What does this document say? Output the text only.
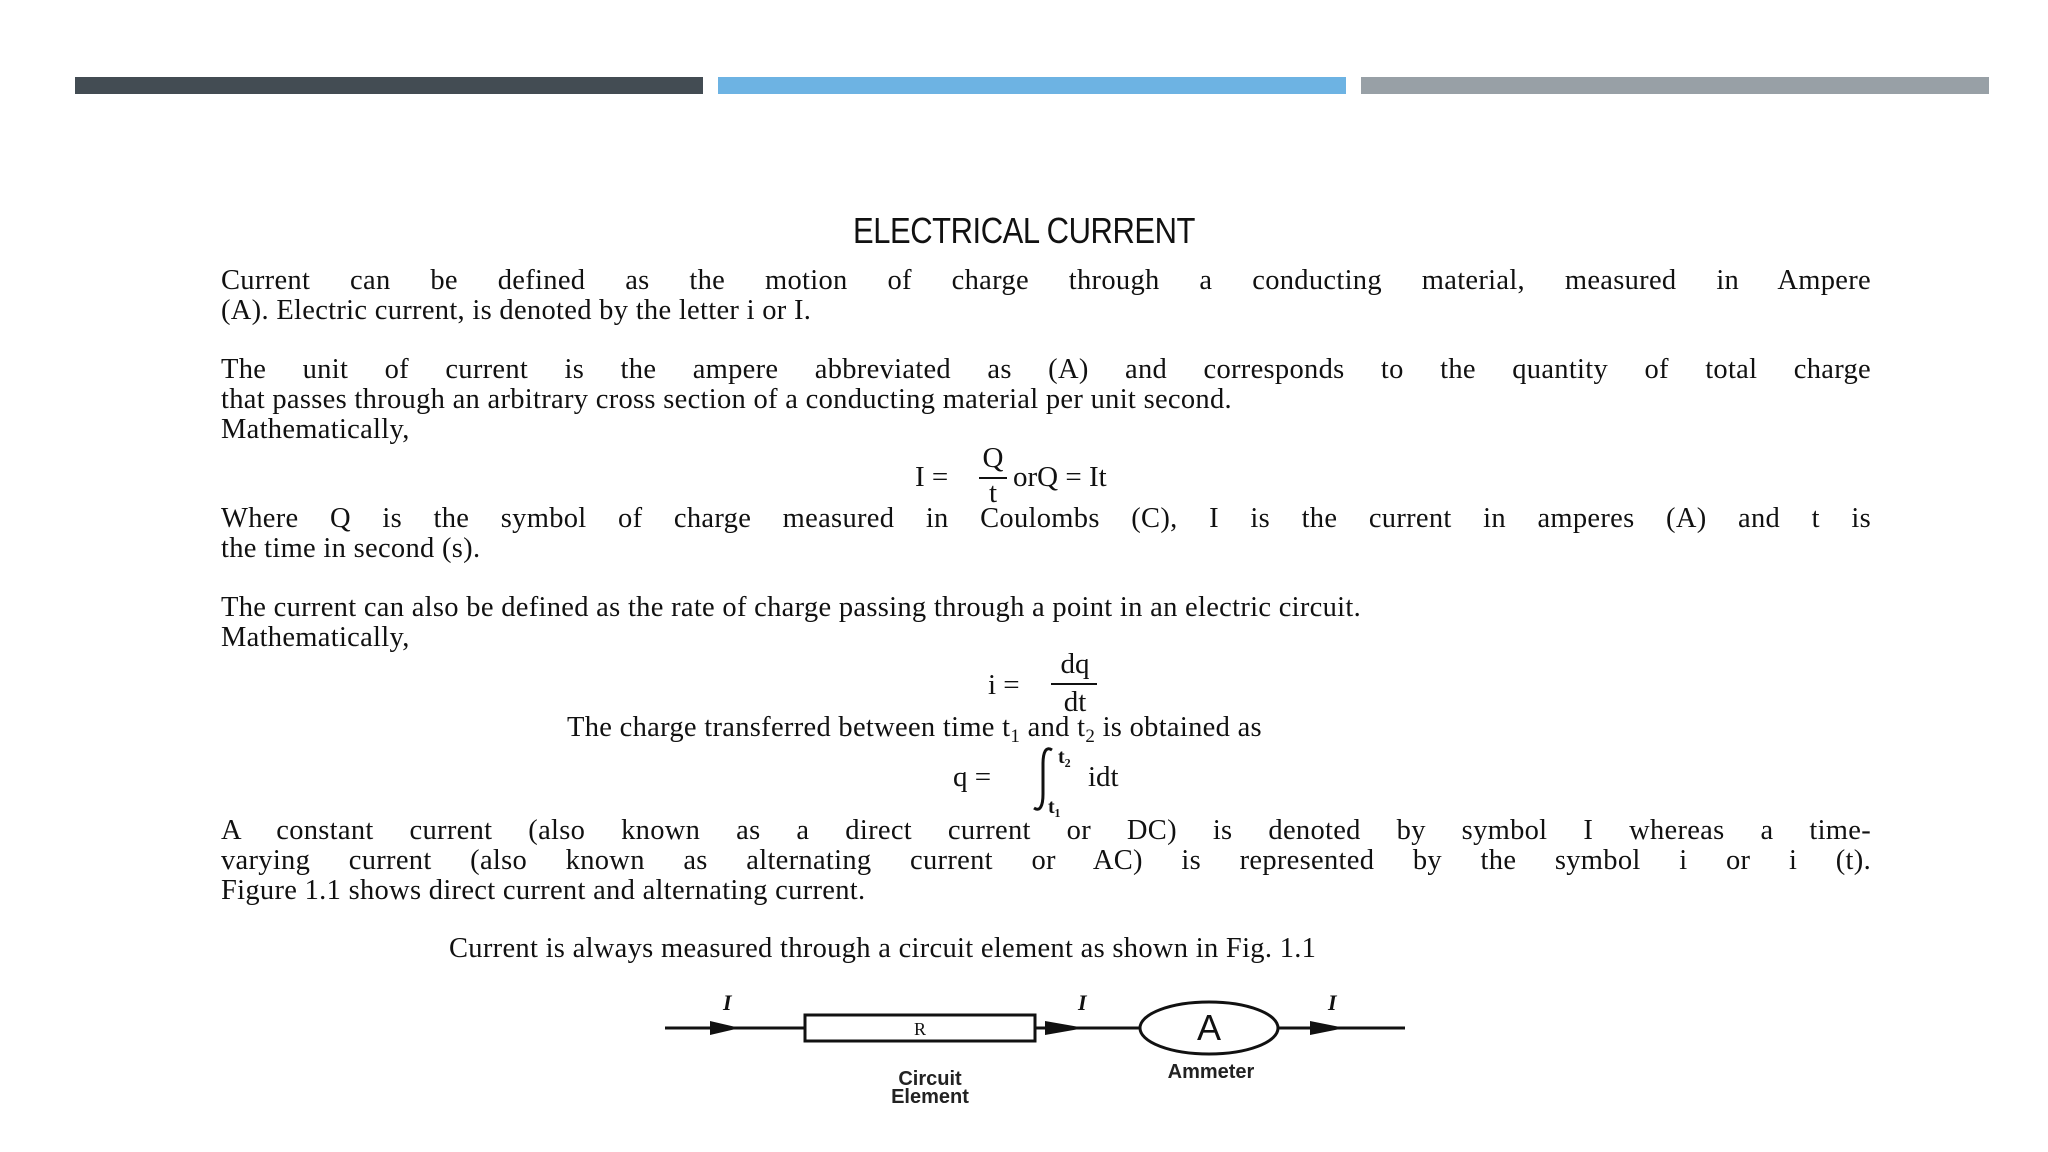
ELECTRICAL CURRENT
Current can be defined as the motion of charge through a conducting material, measured in Ampere
(A). Electric current, is denoted by the letter i or I.
The unit of current is the ampere abbreviated as (A) and corresponds to the quantity of total charge
that passes through an arbitrary cross section of a conducting material per unit second.
Mathematically,
I =
Q
t orQ = It
Where Q is the symbol of charge measured in Coulombs (C), I is the current in amperes (A) and t is
the time in second (s).
The current can also be defined as the rate of charge passing through a point in an electric circuit.
Mathematically,
i =
dq
dt
The charge transferred between time $t_1$ and $t_2$ is obtained as
q =
t₂
t₁
idt
A constant current (also known as a direct current or DC) is denoted by symbol I whereas a time-
varying current (also known as alternating current or AC) is represented by the symbol i or i (t).
Figure 1.1 shows direct current and alternating current.
Current is always measured through a circuit element as shown in Fig. 1.1
I	I	I
R	A
Circuit
Element
Ammeter
